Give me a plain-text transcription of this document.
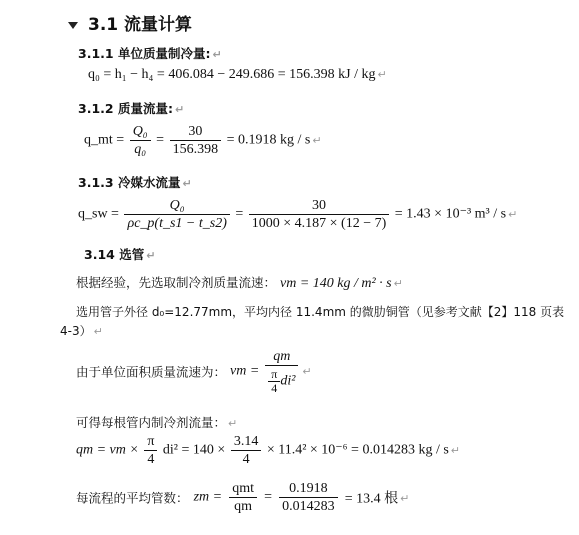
3.1 流量计算
3.1.1 单位质量制冷量: ↵
q₀ = h₁ − h₄ = 406.084 − 249.686 = 156.398 kJ / kg ↵
3.1.2 质量流量: ↵
q_mt = $\frac{\text{Q₀}}{\text{q₀}} = \frac{30}{156.398} = 0.1918$ kg / s ↵
3.1.3 冷媒水流量 ↵
q_sw = $\frac{\text{Q₀}}{\rho c\_p(t\_s1 - t\_s2)} = \frac{30}{1000 \times 4.187 \times (12 - 7)} = 1.43 \times 10^{-3}$ m³ / s ↵
3.14 选管 ↵
根据经验，先选取制冷剂质量流速： νm = 140 kg / m² · s ↵
选用管子外径 d₀=12.77mm，平均内径 11.4mm 的微肋铜管（见参考文献【2】118 页表
4-3） ↵
由于单位面积质量流速为： $\nu m = \frac{qm}{\frac{\pi}{4} di^2}$ ↵
可得每根管内制冷剂流量： ↵
qm = $\nu m \times \frac{\pi}{4} di^2 = 140 \times \frac{3.14}{4} \times 11.4^2 \times 10^{-6} = 0.014283$ kg / s ↵
每流程的平均管数： zm = $\frac{\text{qmt}}{qm} = \frac{0.1918}{0.014283} = 13.4$ 根 ↵
